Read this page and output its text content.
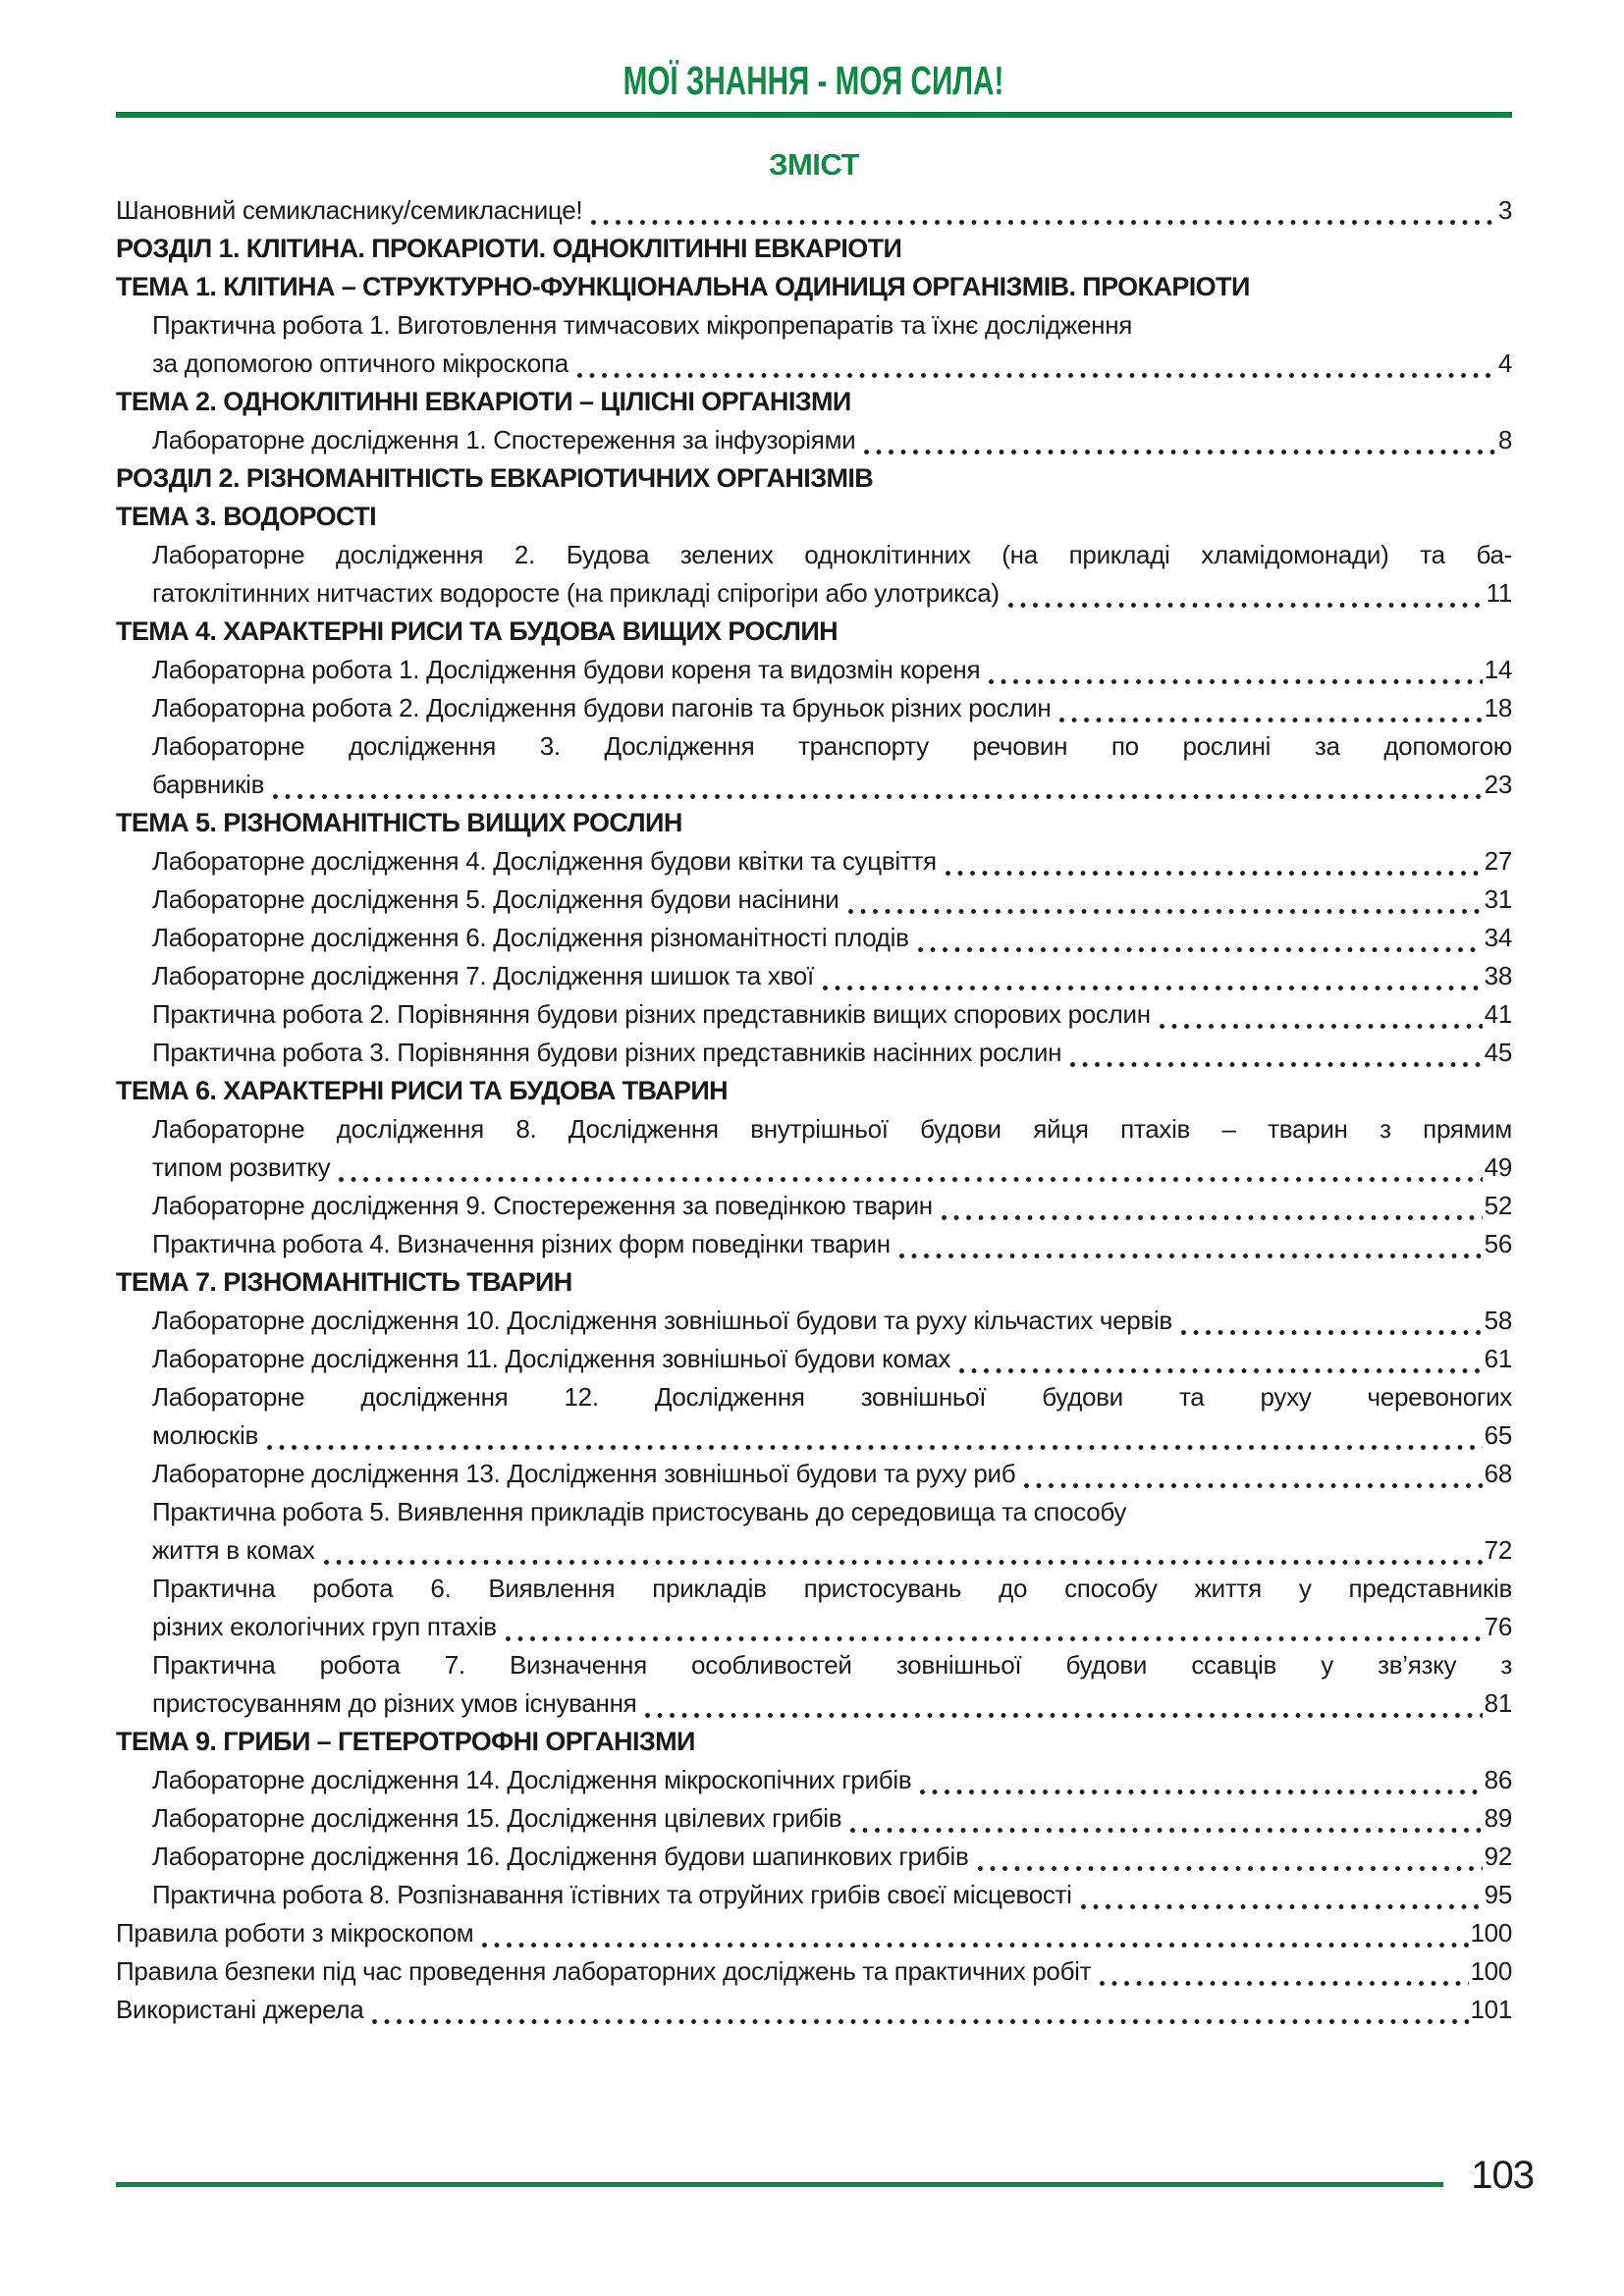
МОЇ ЗНАННЯ - МОЯ СИЛА!
ЗМІСТ
Шановний семикласнику/семикласнице!	3
РОЗДІЛ 1. КЛІТИНА. ПРОКАРІОТИ. ОДНОКЛІТИННІ ЕВКАРІОТИ
ТЕМА 1. КЛІТИНА – СТРУКТУРНО-ФУНКЦІОНАЛЬНА ОДИНИЦЯ ОРГАНІЗМІВ. ПРОКАРІОТИ
Практична робота 1. Виготовлення тимчасових мікропрепаратів та їхнє дослідження
за допомогою оптичного мікроскопа	4
ТЕМА 2. ОДНОКЛІТИННІ ЕВКАРІОТИ – ЦІЛІСНІ ОРГАНІЗМИ
Лабораторне дослідження 1. Спостереження за інфузоріями	8
РОЗДІЛ 2. РІЗНОМАНІТНІСТЬ ЕВКАРІОТИЧНИХ ОРГАНІЗМІВ
ТЕМА 3. ВОДОРОСТІ
Лабораторне дослідження 2. Будова зелених одноклітинних (на прикладі хламідомонади) та ба-
гатоклітинних нитчастих водоросте (на прикладі спірогіри або улотрикса)	11
ТЕМА 4. ХАРАКТЕРНІ РИСИ ТА БУДОВА ВИЩИХ РОСЛИН
Лабораторна робота 1. Дослідження будови кореня та видозмін кореня	14
Лабораторна робота 2. Дослідження будови пагонів та бруньок різних рослин	18
Лабораторне дослідження 3. Дослідження транспорту речовин по рослині за допомогою
барвників	23
ТЕМА 5. РІЗНОМАНІТНІСТЬ ВИЩИХ РОСЛИН
Лабораторне дослідження 4. Дослідження будови квітки та суцвіття	27
Лабораторне дослідження 5. Дослідження будови насінини	31
Лабораторне дослідження 6. Дослідження різноманітності плодів	34
Лабораторне дослідження 7. Дослідження шишок та хвої	38
Практична робота 2. Порівняння будови різних представників вищих спорових рослин	41
Практична робота 3. Порівняння будови різних представників насінних рослин	45
ТЕМА 6. ХАРАКТЕРНІ РИСИ ТА БУДОВА ТВАРИН
Лабораторне дослідження 8. Дослідження внутрішньої будови яйця птахів – тварин з прямим
типом розвитку	49
Лабораторне дослідження 9. Спостереження за поведінкою тварин	52
Практична робота 4. Визначення різних форм поведінки тварин	56
ТЕМА 7. РІЗНОМАНІТНІСТЬ ТВАРИН
Лабораторне дослідження 10. Дослідження зовнішньої будови та руху кільчастих червів	58
Лабораторне дослідження 11. Дослідження зовнішньої будови комах	61
Лабораторне дослідження 12. Дослідження зовнішньої будови та руху черевоногих
молюсків	65
Лабораторне дослідження 13. Дослідження зовнішньої будови та руху риб	68
Практична робота 5. Виявлення прикладів пристосувань до середовища та способу
життя в комах	72
Практична робота 6. Виявлення прикладів пристосувань до способу життя у представників
різних екологічних груп птахів	76
Практична робота 7. Визначення особливостей зовнішньої будови ссавців у зв’язку з
пристосуванням до різних умов існування	81
ТЕМА 9. ГРИБИ – ГЕТЕРОТРОФНІ ОРГАНІЗМИ
Лабораторне дослідження 14. Дослідження мікроскопічних грибів	86
Лабораторне дослідження 15. Дослідження цвілевих грибів	89
Лабораторне дослідження 16. Дослідження будови шапинкових грибів	92
Практична робота 8. Розпізнавання їстівних та отруйних грибів своєї місцевості	95
Правила роботи з мікроскопом	100
Правила безпеки під час проведення лабораторних досліджень та практичних робіт	100
Використані джерела	101
103
